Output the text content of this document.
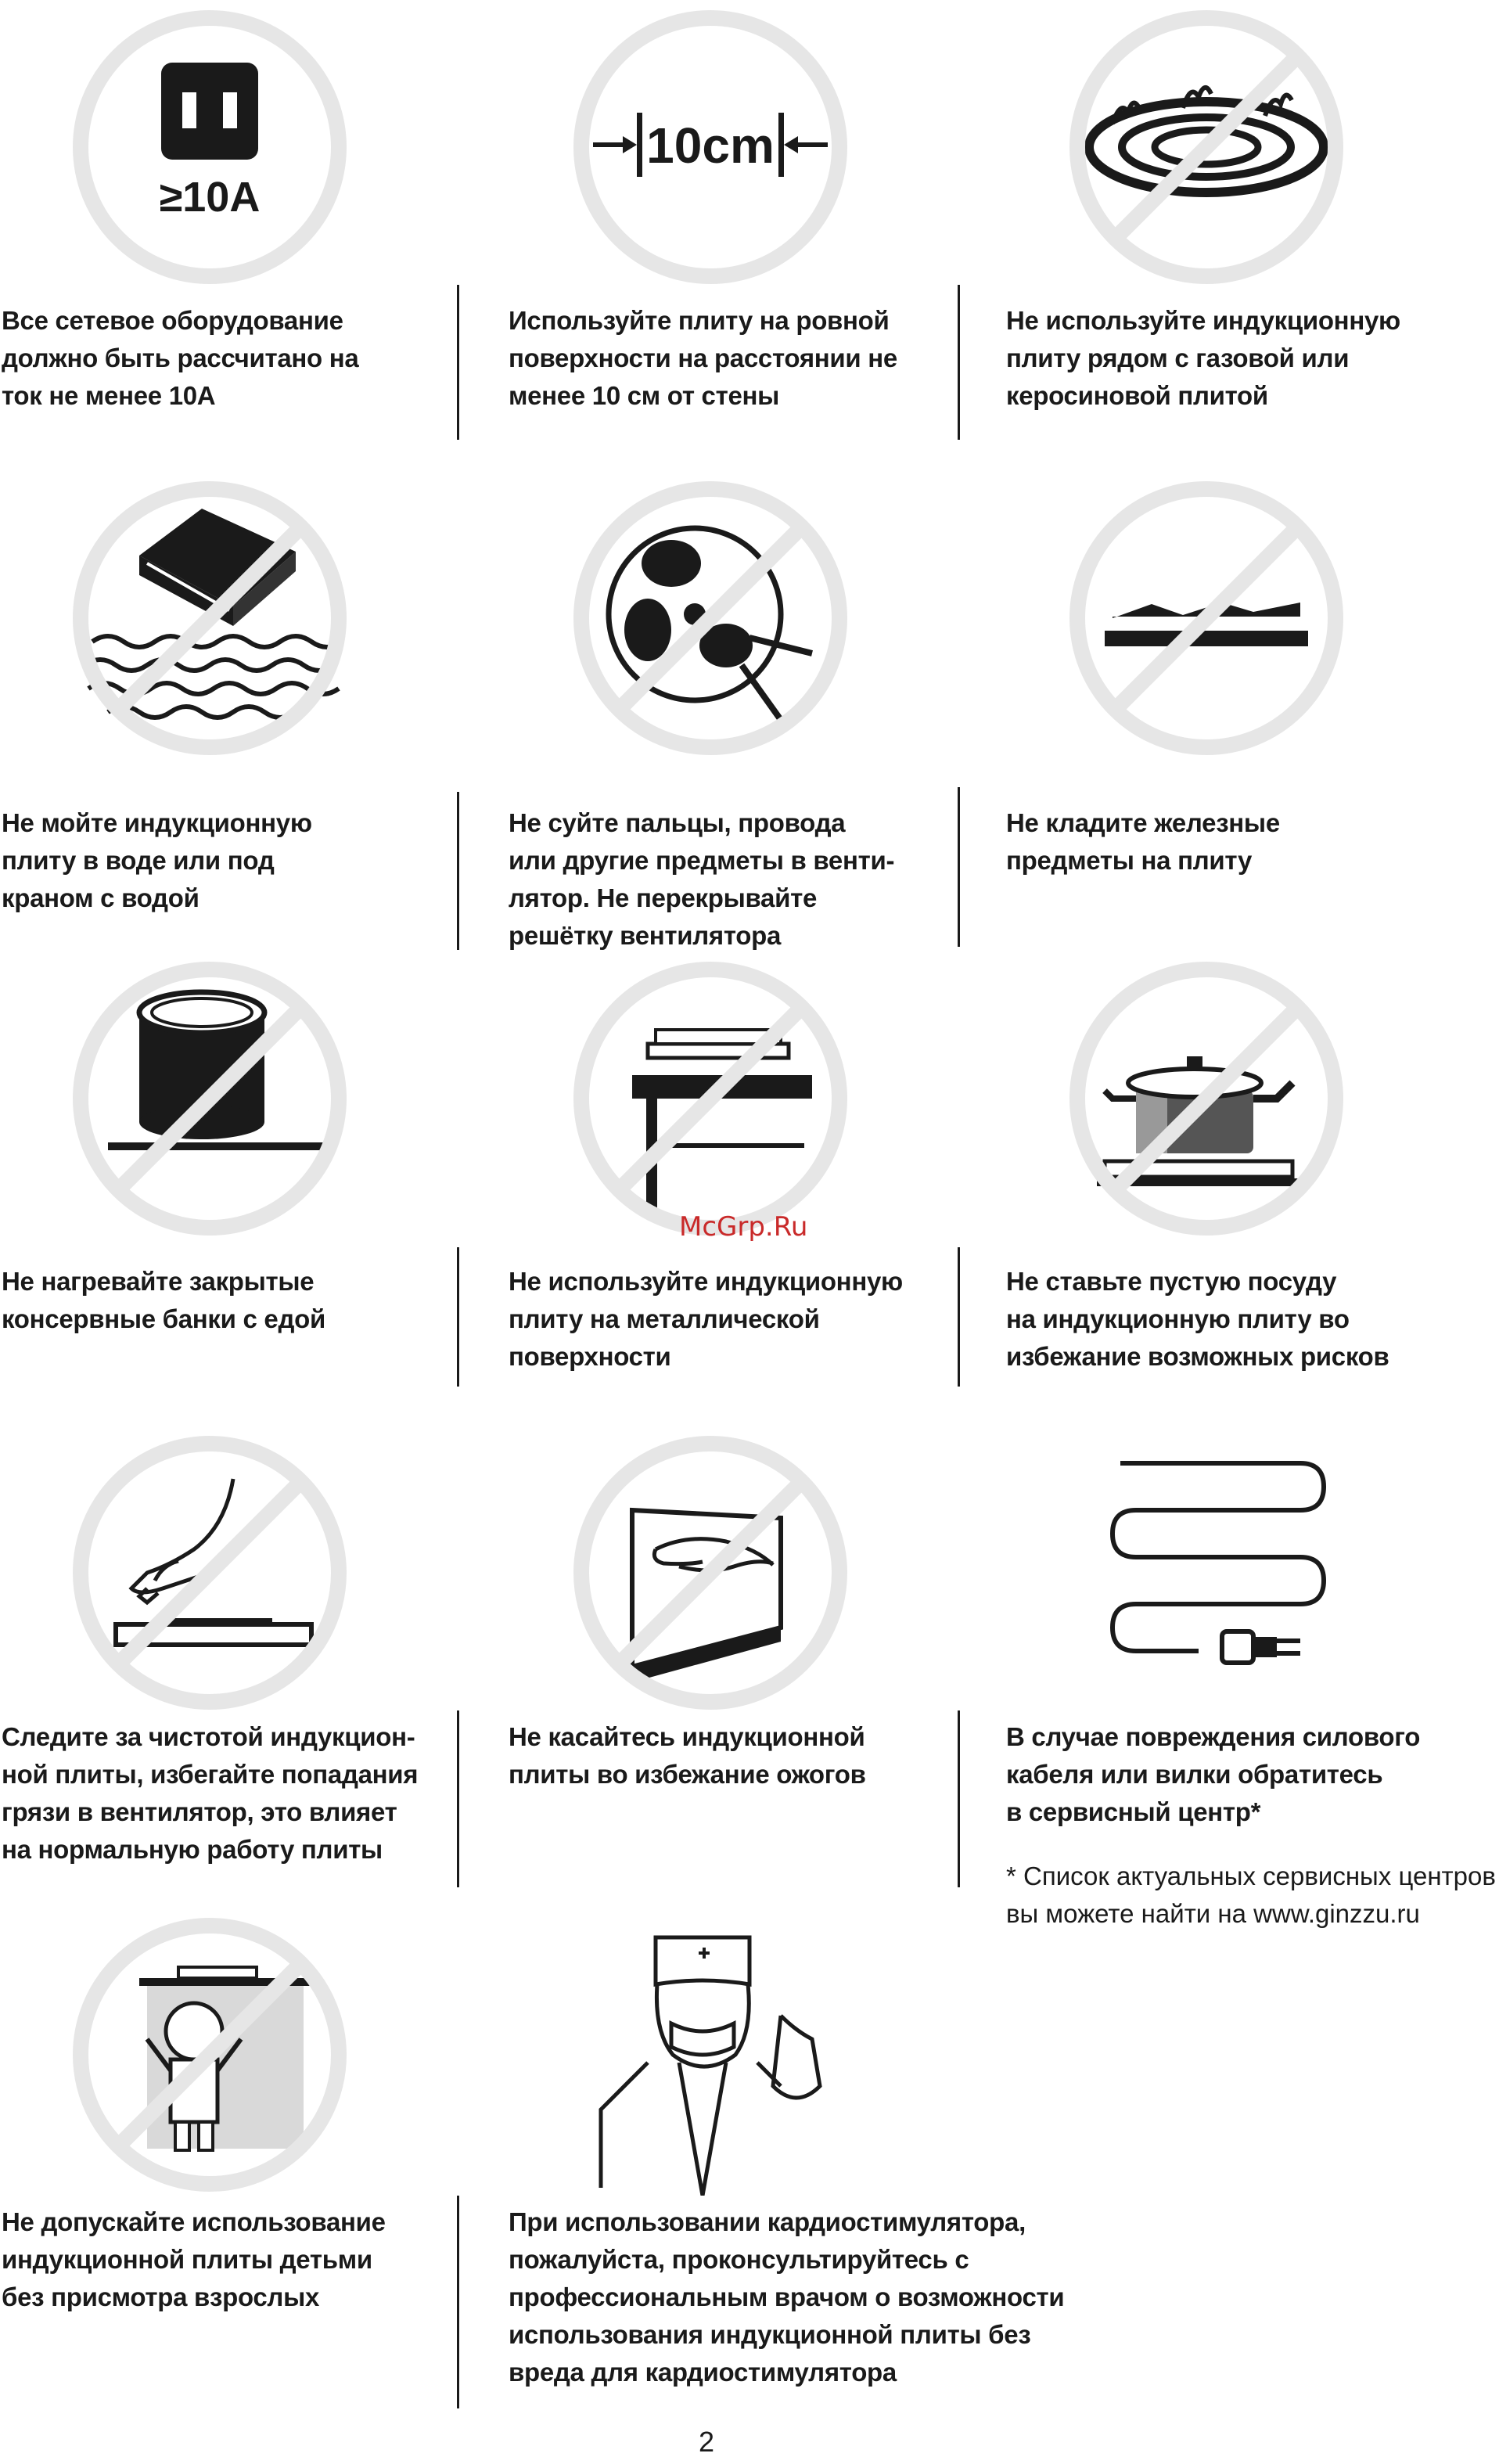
≥10A
Все сетевое оборудование
должно быть рассчитано на
ток не менее 10А
10cm
Используйте плиту на ровной
поверхности на расстоянии не
менее 10 см от стены
Не используйте индукционную
плиту рядом с газовой или
керосиновой плитой
Не мойте индукционную
плиту в воде или под
краном с водой
Не суйте пальцы, провода
или другие предметы в венти-
лятор. Не перекрывайте
решётку вентилятора
Не кладите железные
предметы на плиту
Не нагревайте закрытые
консервные банки с едой
Не используйте индукционную
плиту на металлической
поверхности
Не ставьте пустую посуду
на индукционную плиту во
избежание возможных рисков
Следите за чистотой индукцион-
ной плиты, избегайте попадания
грязи в вентилятор, это влияет
на нормальную работу плиты
Не касайтесь индукционной
плиты во избежание ожогов
В случае повреждения силового
кабеля или вилки обратитесь
в сервисный центр*
* Список актуальных сервисных центров
вы можете найти на www.ginzzu.ru
Не допускайте использование
индукционной плиты детьми
без присмотра взрослых
При использовании кардиостимулятора,
пожалуйста, проконсультируйтесь с
профессиональным врачом о возможности
использования индукционной плиты без
вреда для кардиостимулятора
McGrp.Ru
2
